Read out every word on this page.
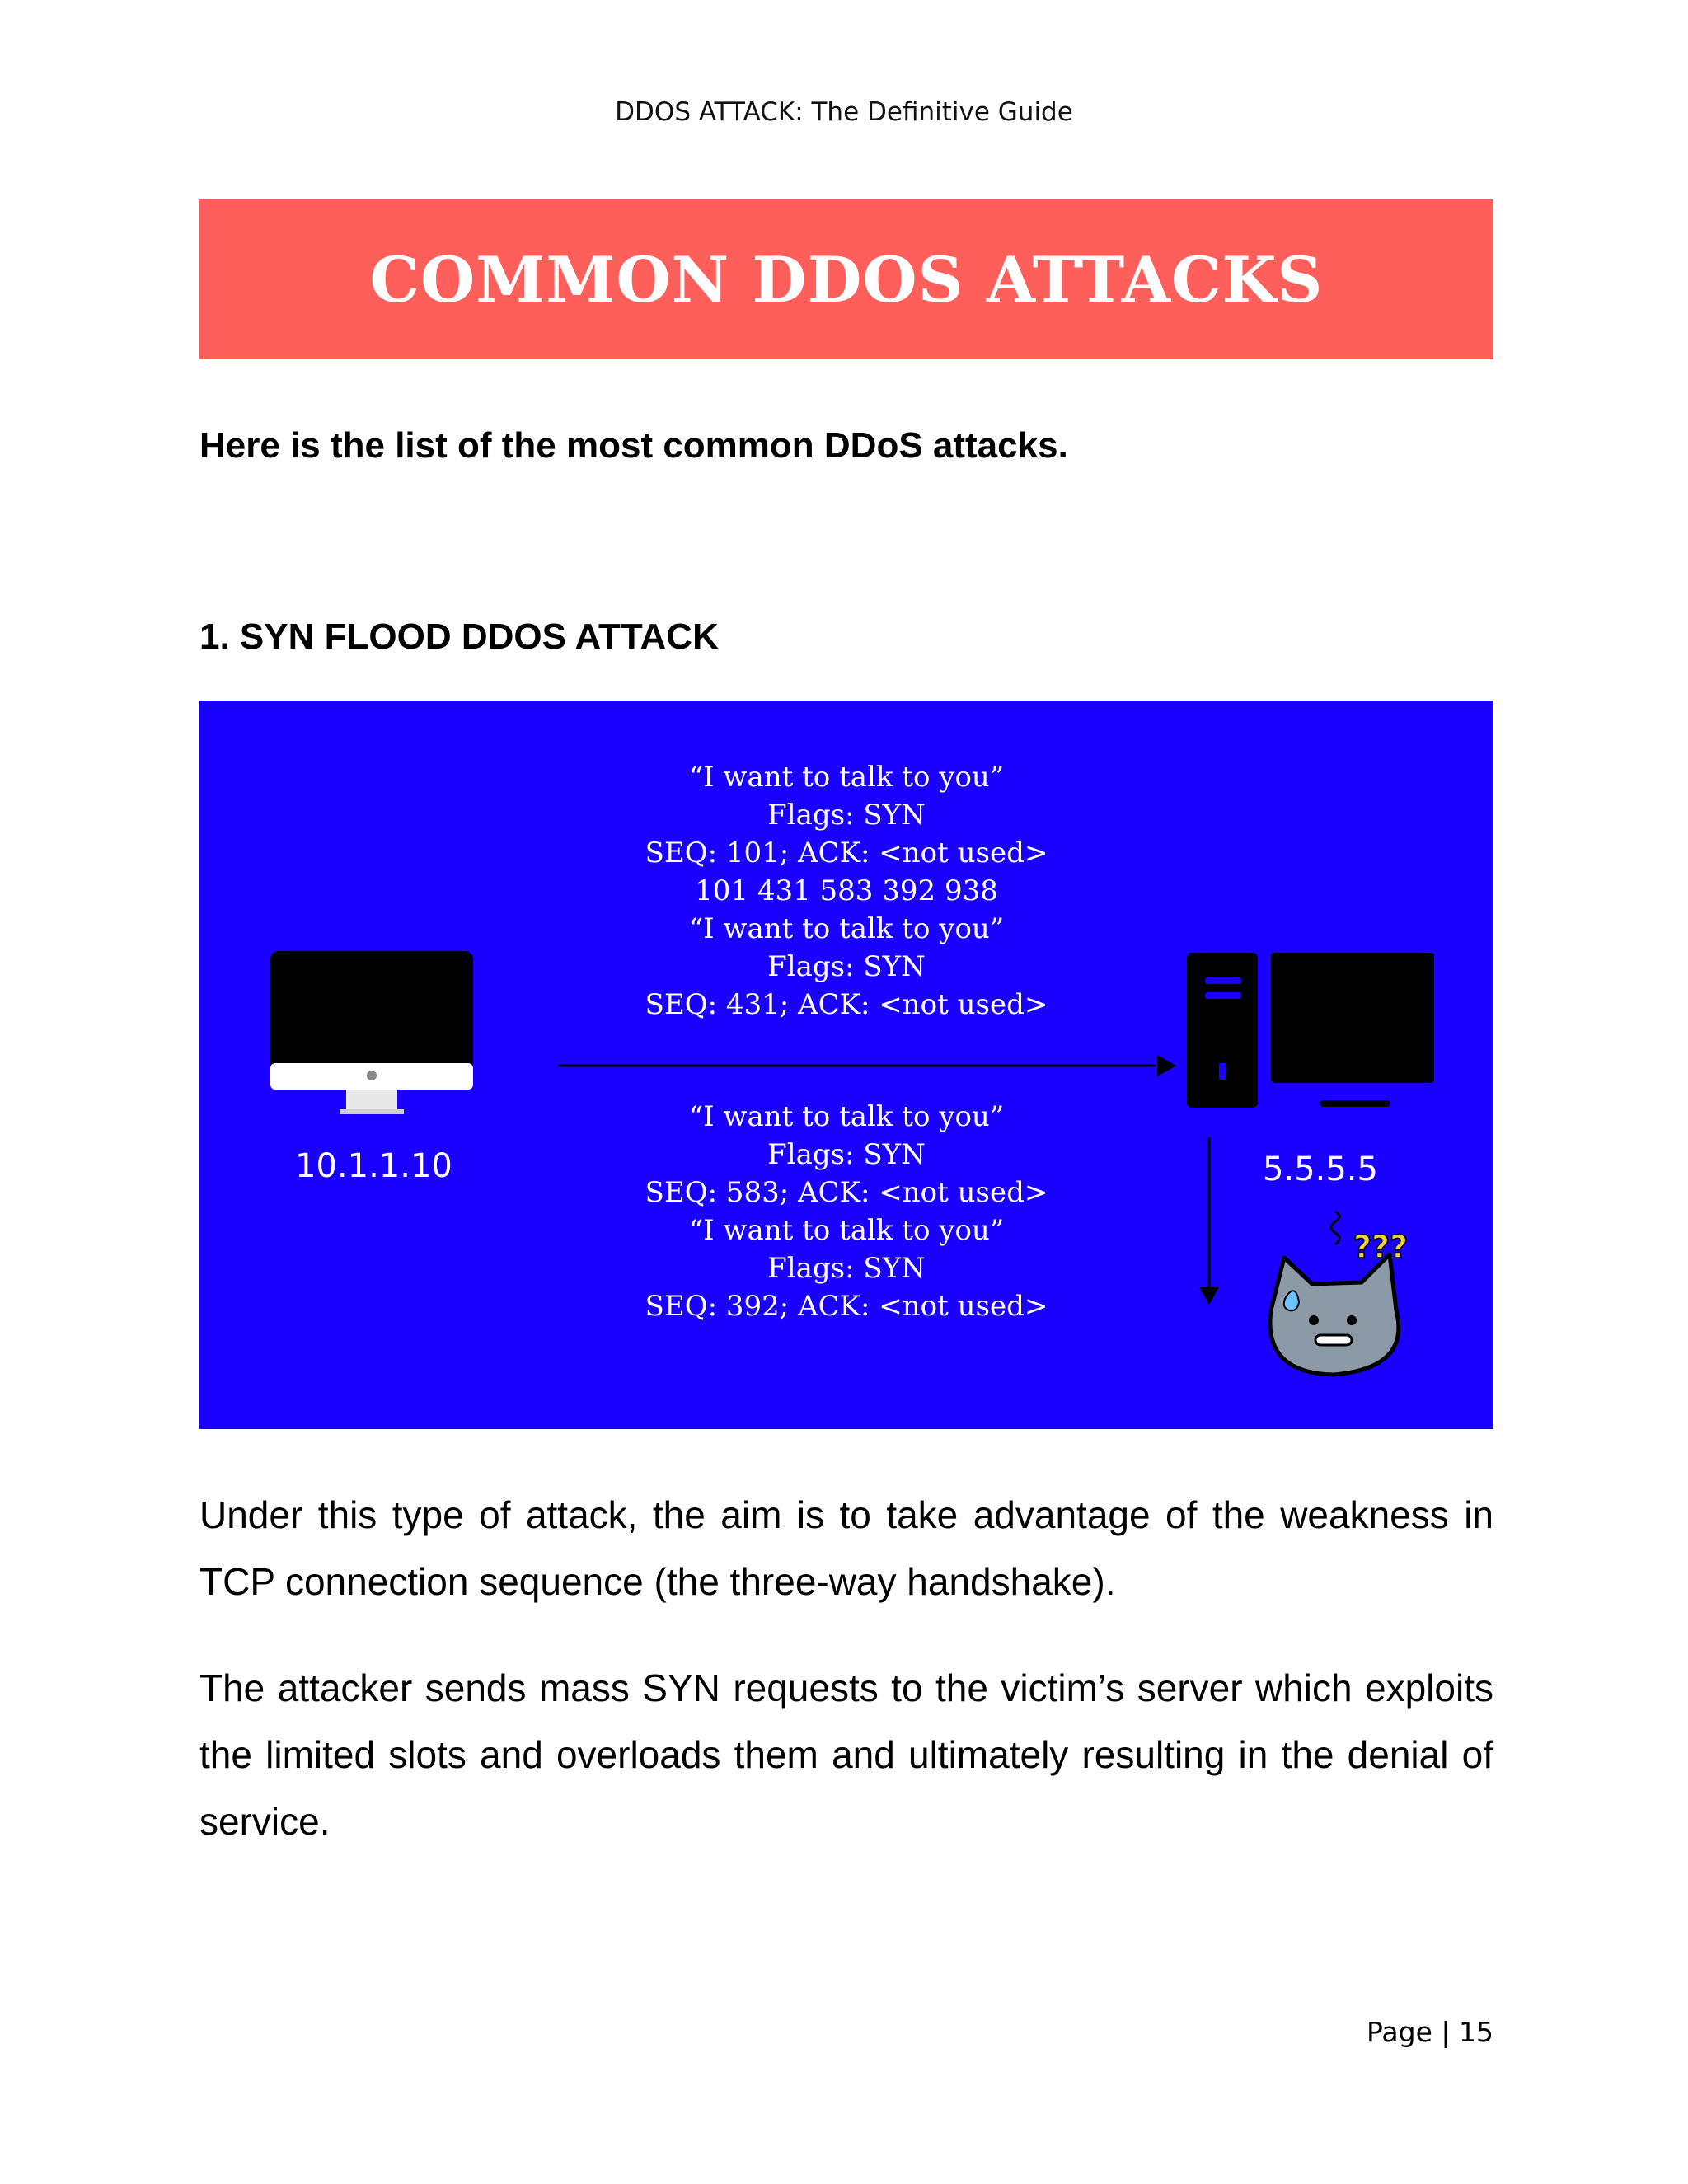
DDOS ATTACK: The Definitive Guide
COMMON DDOS ATTACKS
Here is the list of the most common DDoS attacks.
1. SYN FLOOD DDOS ATTACK
“I want to talk to you”
Flags: SYN
SEQ: 101; ACK: <not used>
101 431 583 392 938
“I want to talk to you”
Flags: SYN
SEQ: 431; ACK: <not used>
“I want to talk to you”
Flags: SYN
SEQ: 583; ACK: <not used>
“I want to talk to you”
Flags: SYN
SEQ: 392; ACK: <not used>
???
10.1.1.10	5.5.5.5
Under this type of attack, the aim is to take advantage of the weakness in TCP connection sequence (the three-way handshake).
The attacker sends mass SYN requests to the victim’s server which exploits the limited slots and overloads them and ultimately resulting in the denial of service.
Page | 15
